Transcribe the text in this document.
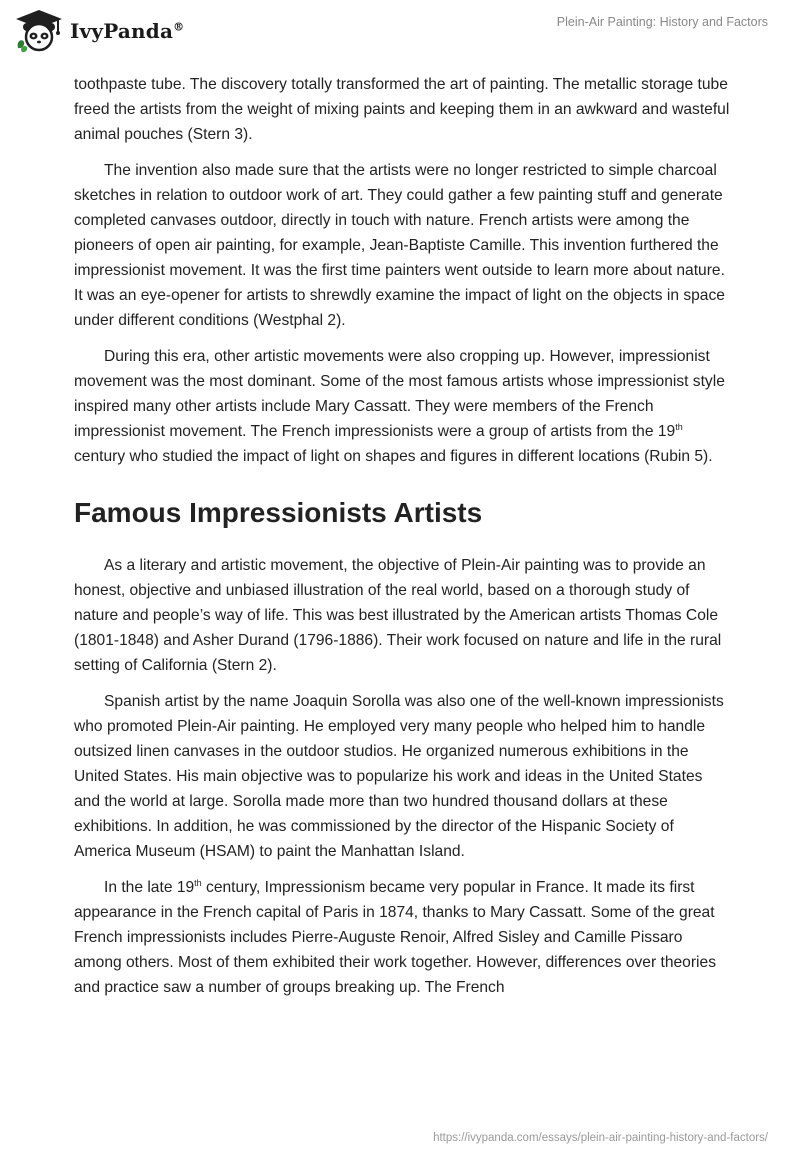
IvyPanda®	Plein-Air Painting: History and Factors

toothpaste tube. The discovery totally transformed the art of painting. The metallic storage tube freed the artists from the weight of mixing paints and keeping them in an awkward and wasteful animal pouches (Stern 3).

The invention also made sure that the artists were no longer restricted to simple charcoal sketches in relation to outdoor work of art. They could gather a few painting stuff and generate completed canvases outdoor, directly in touch with nature. French artists were among the pioneers of open air painting, for example, Jean-Baptiste Camille. This invention furthered the impressionist movement. It was the first time painters went outside to learn more about nature. It was an eye-opener for artists to shrewdly examine the impact of light on the objects in space under different conditions (Westphal 2).

During this era, other artistic movements were also cropping up. However, impressionist movement was the most dominant. Some of the most famous artists whose impressionist style inspired many other artists include Mary Cassatt. They were members of the French impressionist movement. The French impressionists were a group of artists from the 19th century who studied the impact of light on shapes and figures in different locations (Rubin 5).

Famous Impressionists Artists

As a literary and artistic movement, the objective of Plein-Air painting was to provide an honest, objective and unbiased illustration of the real world, based on a thorough study of nature and people’s way of life. This was best illustrated by the American artists Thomas Cole (1801-1848) and Asher Durand (1796-1886). Their work focused on nature and life in the rural setting of California (Stern 2).

Spanish artist by the name Joaquin Sorolla was also one of the well-known impressionists who promoted Plein-Air painting. He employed very many people who helped him to handle outsized linen canvases in the outdoor studios. He organized numerous exhibitions in the United States. His main objective was to popularize his work and ideas in the United States and the world at large. Sorolla made more than two hundred thousand dollars at these exhibitions. In addition, he was commissioned by the director of the Hispanic Society of America Museum (HSAM) to paint the Manhattan Island.

In the late 19th century, Impressionism became very popular in France. It made its first appearance in the French capital of Paris in 1874, thanks to Mary Cassatt. Some of the great French impressionists includes Pierre-Auguste Renoir, Alfred Sisley and Camille Pissaro among others. Most of them exhibited their work together. However, differences over theories and practice saw a number of groups breaking up. The French

https://ivypanda.com/essays/plein-air-painting-history-and-factors/
